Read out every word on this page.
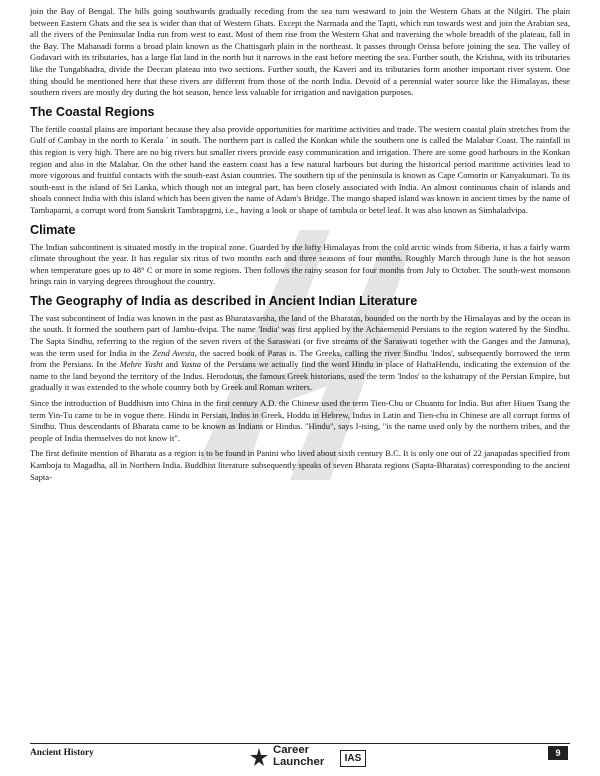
join the Bay of Bengal. The hills going southwards gradually receding from the sea turn westward to join the Western Ghats at the Nilgiri. The plain between Eastern Ghats and the sea is wider than that of Western Ghats. Except the Narmada and the Tapti, which run towards west and join the Arabian sea, all the rivers of the Peninsular India run from west to east. Most of them rise from the Western Ghat and traversing the whole breadth of the plateau, fall in the Bay. The Mahanadi forms a broad plain known as the Chattisgarh plain in the northeast. It passes through Orissa before joining the sea. The valley of Godavari with its tributaries, has a large flat land in the north but it narrows in the east before meeting the sea. Further south, the Krishna, with its tributaries like the Tungabhadra, divide the Deccan plateau into two sections. Further south, the Kaveri and its tributaries form another important river system. One thing should be mentioned here that these rivers are different from those of the north India. Devoid of a perennial water source like the Himalayas, these southern rivers are mostly dry during the hot season, hence less valuable for irrigation and navigation purposes.

The Coastal Regions

The fertile coastal plains are important because they also provide opportunities for maritime activities and trade. The western coastal plain stretches from the Gulf of Cambay in the north to Kerala ` in south. The northern part is called the Konkan while the southern one is called the Malabar Coast. The rainfall in this region is very high. There are no big rivers but smaller rivers provide easy communication and irrigation. There are some good harbours in the Konkan region and also in the Malabar. On the other hand the eastern coast has a few natural harbours but during the historical period maritime activities lead to more vigorous and fruitful contacts with the south-east Asian countries. The southern tip of the peninsula is known as Cape Comorin or Kanyakumari. To its south-east is the island of Sri Lanka, which though not an integral part, has been closely associated with India. An almost continuous chain of islands and shoals connect India with this island which has been given the name of Adam's Bridge. The mango shaped island was known in ancient times by the name of Tambaparni, a corrupt word from Sanskrit Tambrapgrni, i.e., having a look or shape of tambula or betel leaf. It was also known as Simhaladvipa.

Climate

The Indian subcontinent is situated mostly in the tropical zone. Guarded by the lofty Himalayas from the cold arctic winds from Siberia, it has a fairly warm climate throughout the year. It has regular six ritus of two months each and three seasons of four months. Roughly March through June is the hot season when temperature goes up to 48° C or more in some regions. Then follows the rainy season for four months from July to October. The south-west monsoon brings rain in varying degrees throughout the country.

The Geography of India as described in Ancient Indian Literature

The vast subcontinent of India was known in the past as Bharatavarsha, the land of the Bharatas, bounded on the north by the Himalayas and by the ocean in the south. It formed the southern part of Jambu-dvipa. The name 'India' was first applied by the Achaemenid Persians to the region watered by the Sindhu. The Sapta Sindhu, referring to the region of the seven rivers of the Saraswati (or five streams of the Saraswati together with the Ganges and the Jamuna), was the term used for India in the Zend Avesta, the sacred book of Paras is. The Greeks, calling the river Sindhu 'Indos', subsequently borrowed the term from the Persians. In the Mehre Yasht and Yasna of the Persians we actually find the word Hindu in place of HaftaHendu, indicating the extension of the name to the land beyond the territory of the Indus. Herodotus, the famous Greek historians, used the term 'Indos' to the kshatrapy of the Persian Empire, but gradually it was extended to the whole country both by Greek and Roman writers.

Since the introduction of Buddhism into China in the first century A.D. the Chinese used the term Tien-Chu or Chuantu for India. But after Hiuen Tsang the term Yin-Tu came to be in vogue there. Hindu in Persian, Indos in Greek, Hoddu in Hebrew, Indus in Latin and Tien-chu in Chinese are all corrupt forms of Sindhu. Thus descendants of Bharata came to be known as Indians or Hindus. "Hindu", says I-tsing, "is the name used only by the northern tribes, and the people of India themselves do not know it".

The first definite mention of Bharata as a region is to be found in Panini who lived about sixth century B.C. It is only one out of 22 janapadas specified from Kamboja to Magadha, all in Northern India. Buddhist literature subsequently speaks of seven Bharata regions (Sapta-Bharatas) corresponding to the ancient Sapta-

Ancient History	Career
Launcher	IAS	9
